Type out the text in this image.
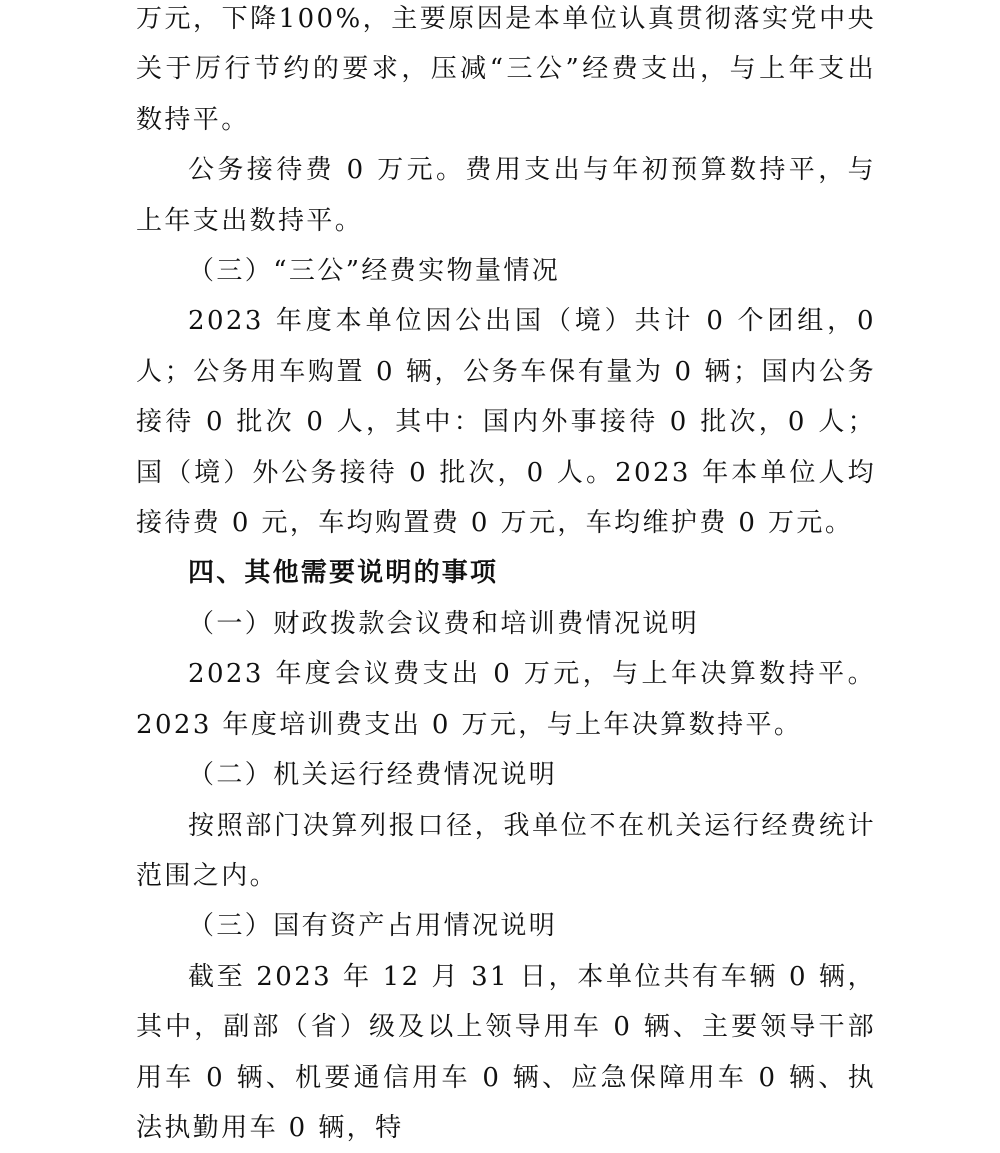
万元，下降100%，主要原因是本单位认真贯彻落实党中央关于厉行节约的要求，压减“三公”经费支出，与上年支出数持平。

公务接待费 0 万元。费用支出与年初预算数持平，与上年支出数持平。

（三）“三公”经费实物量情况

2023 年度本单位因公出国（境）共计 0 个团组，0 人；公务用车购置 0 辆，公务车保有量为 0 辆；国内公务接待 0 批次 0 人，其中：国内外事接待 0 批次，0 人；国（境）外公务接待 0 批次，0 人。2023 年本单位人均接待费 0 元，车均购置费 0 万元，车均维护费 0 万元。

四、其他需要说明的事项

（一）财政拨款会议费和培训费情况说明

2023 年度会议费支出 0 万元，与上年决算数持平。2023 年度培训费支出 0 万元，与上年决算数持平。

（二）机关运行经费情况说明

按照部门决算列报口径，我单位不在机关运行经费统计范围之内。

（三）国有资产占用情况说明

截至 2023 年 12 月 31 日，本单位共有车辆 0 辆，其中，副部（省）级及以上领导用车 0 辆、主要领导干部用车 0 辆、机要通信用车 0 辆、应急保障用车 0 辆、执法执勤用车 0 辆，特
